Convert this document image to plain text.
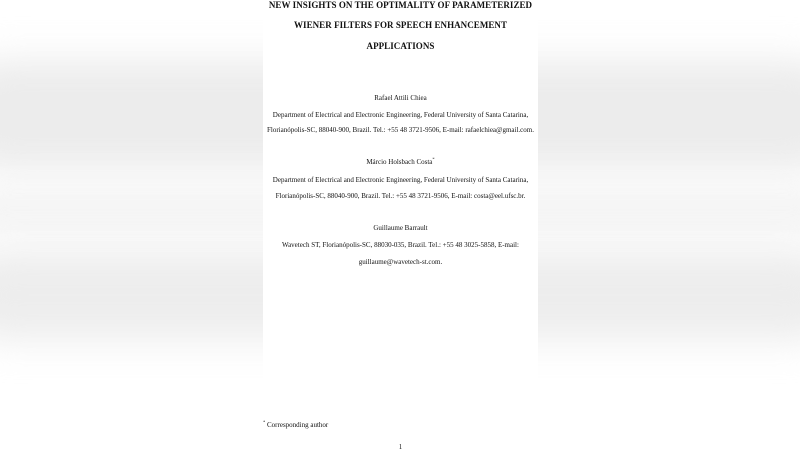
NEW INSIGHTS ON THE OPTIMALITY OF PARAMETERIZED
WIENER FILTERS FOR SPEECH ENHANCEMENT
APPLICATIONS
Rafael Attili Chiea
Department of Electrical and Electronic Engineering, Federal University of Santa Catarina,
Florianópolis-SC, 88040-900, Brazil. Tel.: +55 48 3721-9506, E-mail: rafaelchiea@gmail.com.
Márcio Holsbach Costa*
Department of Electrical and Electronic Engineering, Federal University of Santa Catarina,
Florianópolis-SC, 88040-900, Brazil. Tel.: +55 48 3721-9506, E-mail: costa@eel.ufsc.br.
Guillaume Barrault
Wavetech ST, Florianópolis-SC, 88030-035, Brazil. Tel.: +55 48 3025-5858, E-mail:
guillaume@wavetech-st.com.
* Corresponding author
1
